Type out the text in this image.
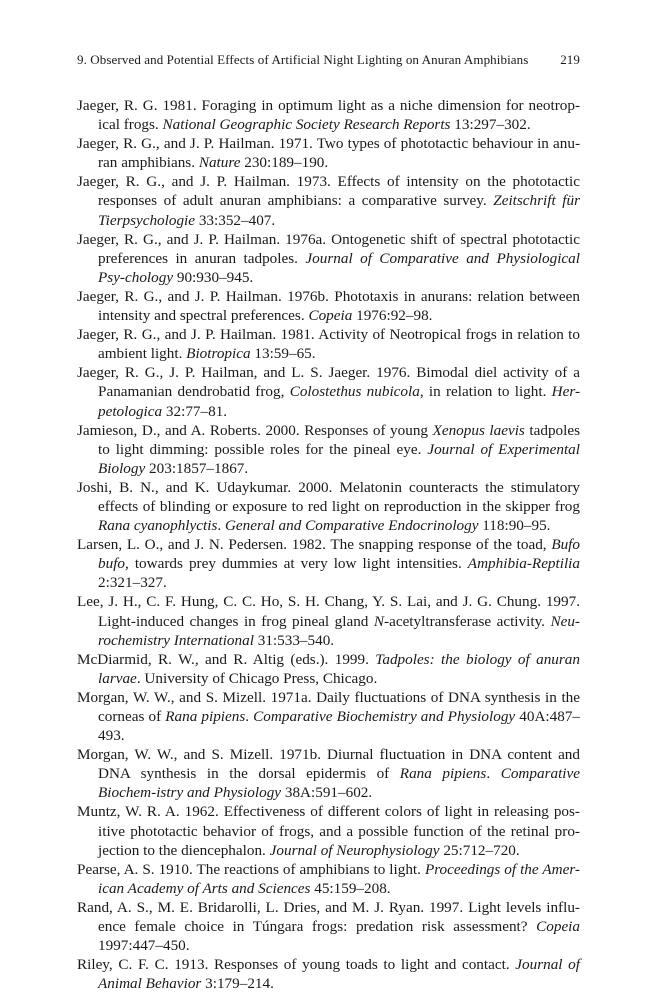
9. Observed and Potential Effects of Artificial Night Lighting on Anuran Amphibians 219

Jaeger, R. G. 1981. Foraging in optimum light as a niche dimension for neotrop-ical frogs. National Geographic Society Research Reports 13:297–302.

Jaeger, R. G., and J. P. Hailman. 1971. Two types of phototactic behaviour in anu-ran amphibians. Nature 230:189–190.

Jaeger, R. G., and J. P. Hailman. 1973. Effects of intensity on the phototactic responses of adult anuran amphibians: a comparative survey. Zeitschrift für Tierpsychologie 33:352–407.

Jaeger, R. G., and J. P. Hailman. 1976a. Ontogenetic shift of spectral phototactic preferences in anuran tadpoles. Journal of Comparative and Physiological Psy-chology 90:930–945.

Jaeger, R. G., and J. P. Hailman. 1976b. Phototaxis in anurans: relation between intensity and spectral preferences. Copeia 1976:92–98.

Jaeger, R. G., and J. P. Hailman. 1981. Activity of Neotropical frogs in relation to ambient light. Biotropica 13:59–65.

Jaeger, R. G., J. P. Hailman, and L. S. Jaeger. 1976. Bimodal diel activity of a Panamanian dendrobatid frog, Colostethus nubicola, in relation to light. Her-petologica 32:77–81.

Jamieson, D., and A. Roberts. 2000. Responses of young Xenopus laevis tadpoles to light dimming: possible roles for the pineal eye. Journal of Experimental Biology 203:1857–1867.

Joshi, B. N., and K. Udaykumar. 2000. Melatonin counteracts the stimulatory effects of blinding or exposure to red light on reproduction in the skipper frog Rana cyanophlyctis. General and Comparative Endocrinology 118:90–95.

Larsen, L. O., and J. N. Pedersen. 1982. The snapping response of the toad, Bufo bufo, towards prey dummies at very low light intensities. Amphibia-Reptilia 2:321–327.

Lee, J. H., C. F. Hung, C. C. Ho, S. H. Chang, Y. S. Lai, and J. G. Chung. 1997. Light-induced changes in frog pineal gland N-acetyltransferase activity. Neu-rochemistry International 31:533–540.

McDiarmid, R. W., and R. Altig (eds.). 1999. Tadpoles: the biology of anuran larvae. University of Chicago Press, Chicago.

Morgan, W. W., and S. Mizell. 1971a. Daily fluctuations of DNA synthesis in the corneas of Rana pipiens. Comparative Biochemistry and Physiology 40A:487–493.

Morgan, W. W., and S. Mizell. 1971b. Diurnal fluctuation in DNA content and DNA synthesis in the dorsal epidermis of Rana pipiens. Comparative Biochem-istry and Physiology 38A:591–602.

Muntz, W. R. A. 1962. Effectiveness of different colors of light in releasing pos-itive phototactic behavior of frogs, and a possible function of the retinal pro-jection to the diencephalon. Journal of Neurophysiology 25:712–720.

Pearse, A. S. 1910. The reactions of amphibians to light. Proceedings of the Amer-ican Academy of Arts and Sciences 45:159–208.

Rand, A. S., M. E. Bridarolli, L. Dries, and M. J. Ryan. 1997. Light levels influ-ence female choice in Túngara frogs: predation risk assessment? Copeia 1997:447–450.

Riley, C. F. C. 1913. Responses of young toads to light and contact. Journal of Animal Behavior 3:179–214.
